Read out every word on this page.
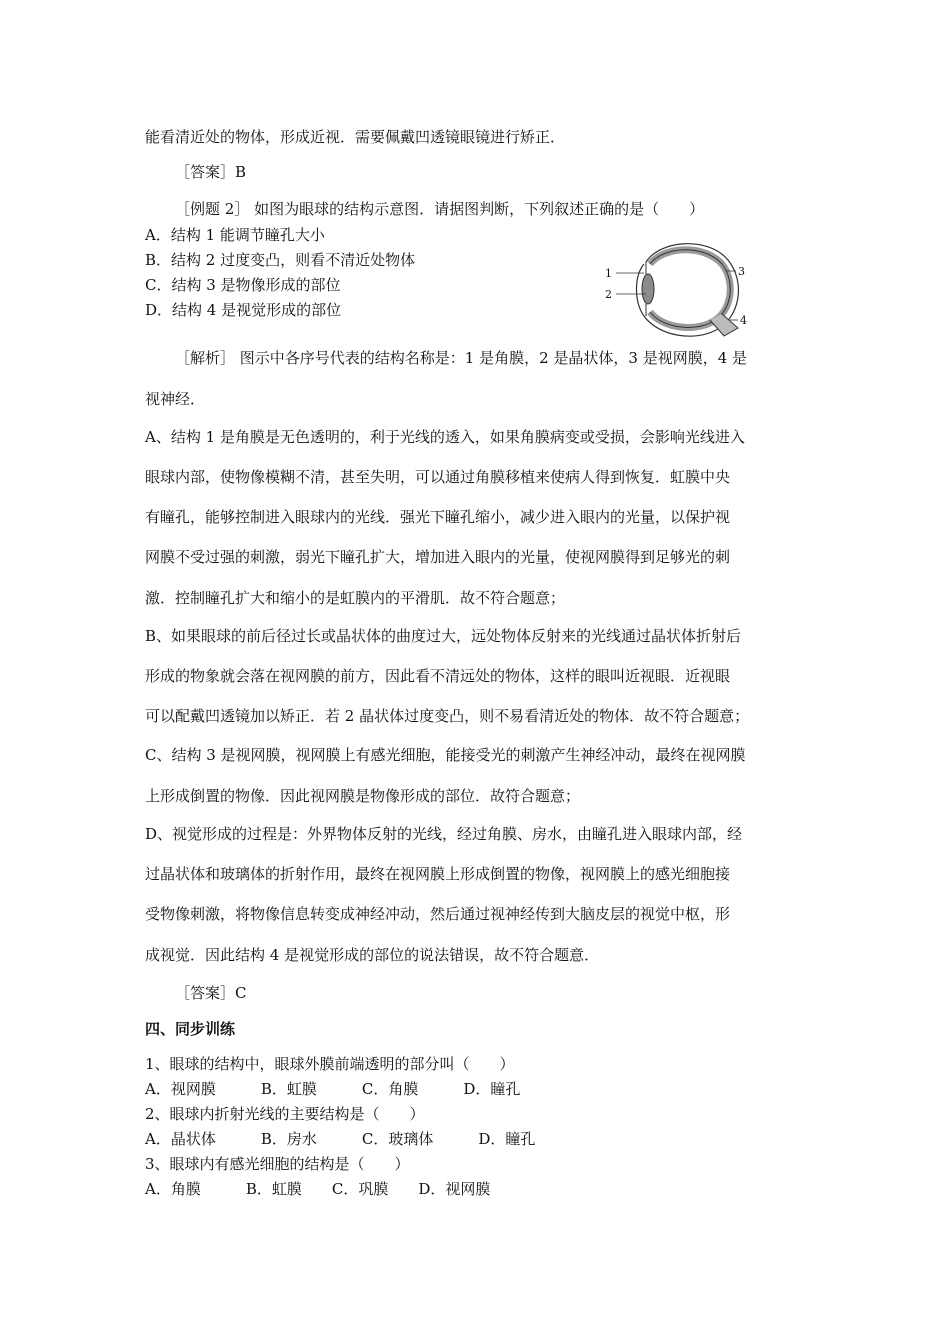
能看清近处的物体，形成近视．需要佩戴凹透镜眼镜进行矫正．
［答案］B
［例题 2］ 如图为眼球的结构示意图．请据图判断，下列叙述正确的是（　　）
A．结构 1 能调节瞳孔大小
B．结构 2 过度变凸，则看不清近处物体
C．结构 3 是物像形成的部位
D．结构 4 是视觉形成的部位
1
2
3
4
［解析］ 图示中各序号代表的结构名称是：1 是角膜，2 是晶状体，3 是视网膜，4 是
视神经．
A、结构 1 是角膜是无色透明的，利于光线的透入，如果角膜病变或受损，会影响光线进入
眼球内部，使物像模糊不清，甚至失明，可以通过角膜移植来使病人得到恢复．虹膜中央
有瞳孔，能够控制进入眼球内的光线．强光下瞳孔缩小，减少进入眼内的光量，以保护视
网膜不受过强的刺激，弱光下瞳孔扩大，增加进入眼内的光量，使视网膜得到足够光的刺
激．控制瞳孔扩大和缩小的是虹膜内的平滑肌．故不符合题意；
B、如果眼球的前后径过长或晶状体的曲度过大，远处物体反射来的光线通过晶状体折射后
形成的物象就会落在视网膜的前方，因此看不清远处的物体，这样的眼叫近视眼．近视眼
可以配戴凹透镜加以矫正．若 2 晶状体过度变凸，则不易看清近处的物体．故不符合题意；
C、结构 3 是视网膜，视网膜上有感光细胞，能接受光的刺激产生神经冲动，最终在视网膜
上形成倒置的物像．因此视网膜是物像形成的部位．故符合题意；
D、视觉形成的过程是：外界物体反射的光线，经过角膜、房水，由瞳孔进入眼球内部，经
过晶状体和玻璃体的折射作用，最终在视网膜上形成倒置的物像，视网膜上的感光细胞接
受物像刺激，将物像信息转变成神经冲动，然后通过视神经传到大脑皮层的视觉中枢，形
成视觉．因此结构 4 是视觉形成的部位的说法错误，故不符合题意．
［答案］C
四、同步训练
1、眼球的结构中，眼球外膜前端透明的部分叫（　　）
A．视网膜　　　B．虹膜　　　C．角膜　　　D．瞳孔
2、眼球内折射光线的主要结构是（　　）
A．晶状体　　　B．房水　　　C．玻璃体　　　D．瞳孔
3、眼球内有感光细胞的结构是（　　）
A．角膜　　　B．虹膜　　C．巩膜　　D．视网膜
